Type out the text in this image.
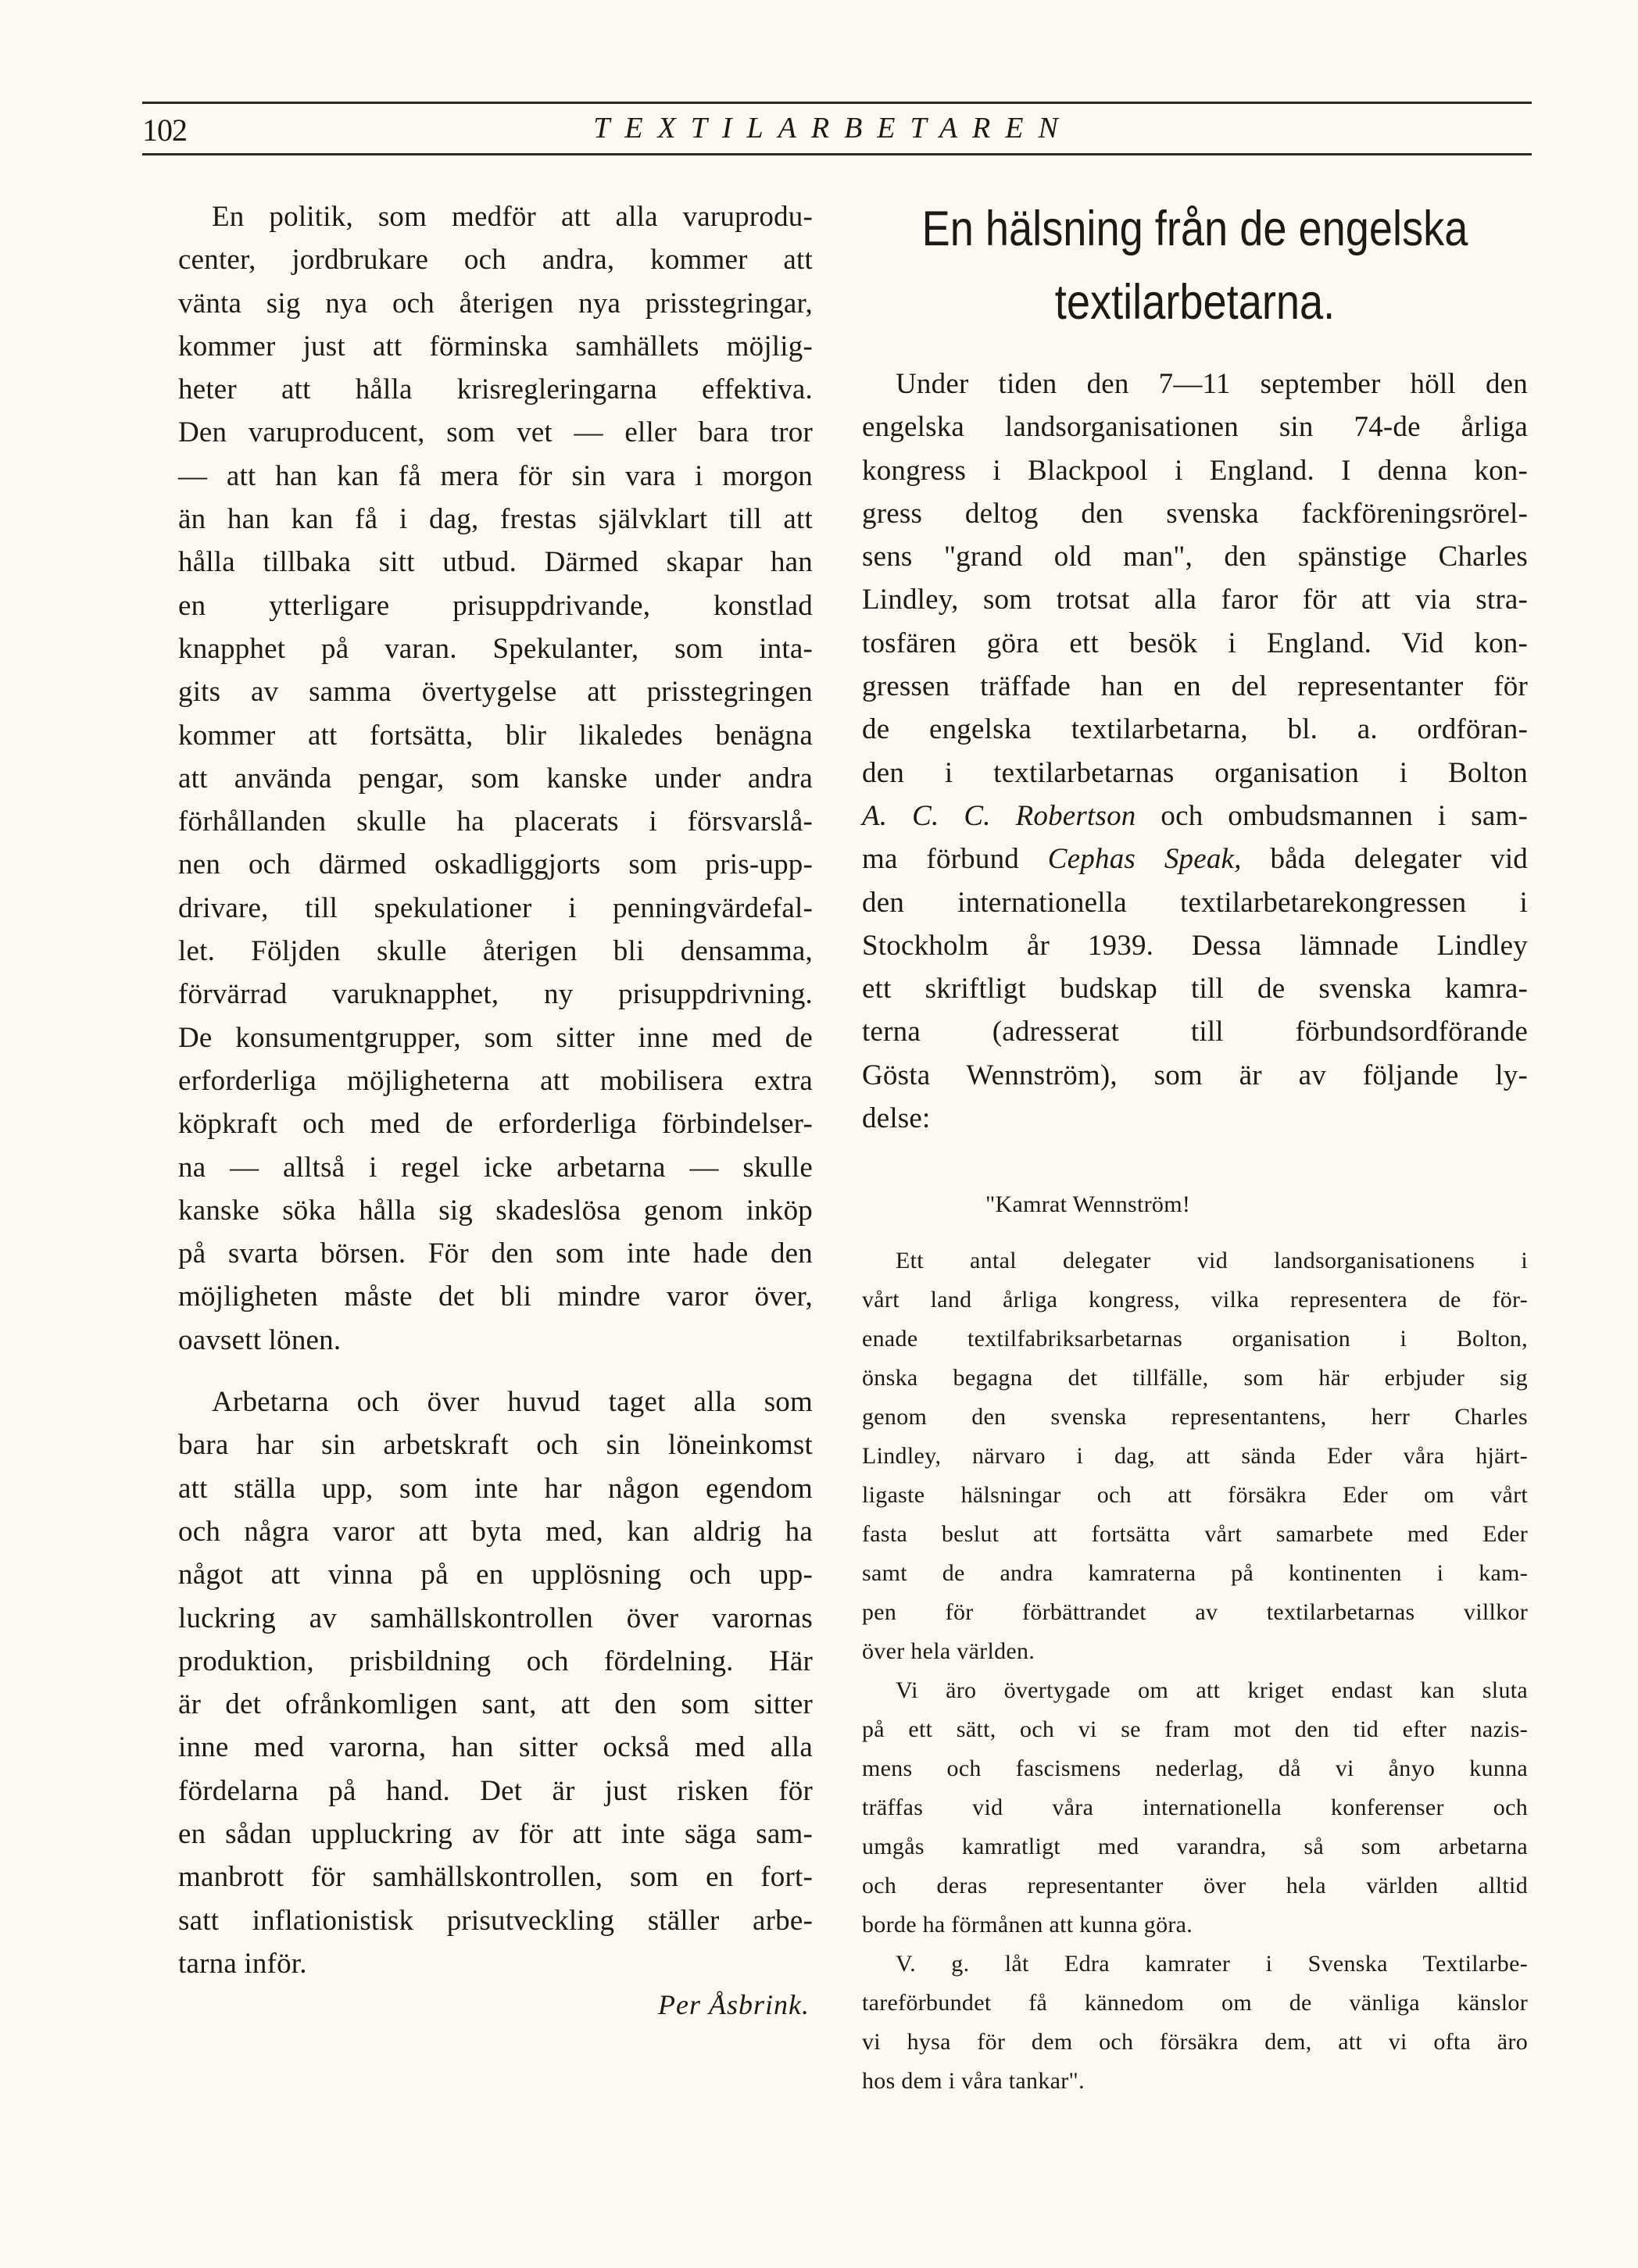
102	TEXTILARBETAREN
En politik, som medför att alla varuprodu-
center, jordbrukare och andra, kommer att
vänta sig nya och återigen nya prisstegringar,
kommer just att förminska samhällets möjlig-
heter att hålla krisregleringarna effektiva.
Den varuproducent, som vet — eller bara tror
— att han kan få mera för sin vara i morgon
än han kan få i dag, frestas självklart till att
hålla tillbaka sitt utbud. Därmed skapar han
en ytterligare prisuppdrivande, konstlad
knapphet på varan. Spekulanter, som inta-
gits av samma övertygelse att prisstegringen
kommer att fortsätta, blir likaledes benägna
att använda pengar, som kanske under andra
förhållanden skulle ha placerats i försvarslå-
nen och därmed oskadliggjorts som pris-upp-
drivare, till spekulationer i penningvärdefal-
let. Följden skulle återigen bli densamma,
förvärrad varuknapphet, ny prisuppdrivning.
De konsumentgrupper, som sitter inne med de
erforderliga möjligheterna att mobilisera extra
köpkraft och med de erforderliga förbindelser-
na — alltså i regel icke arbetarna — skulle
kanske söka hålla sig skadeslösa genom inköp
på svarta börsen. För den som inte hade den
möjligheten måste det bli mindre varor över,
oavsett lönen.
Arbetarna och över huvud taget alla som
bara har sin arbetskraft och sin löneinkomst
att ställa upp, som inte har någon egendom
och några varor att byta med, kan aldrig ha
något att vinna på en upplösning och upp-
luckring av samhällskontrollen över varornas
produktion, prisbildning och fördelning. Här
är det ofrånkomligen sant, att den som sitter
inne med varorna, han sitter också med alla
fördelarna på hand. Det är just risken för
en sådan uppluckring av för att inte säga sam-
manbrott för samhällskontrollen, som en fort-
satt inflationistisk prisutveckling ställer arbe-
tarna inför.
Per Åsbrink.
En hälsning från de engelska
textilarbetarna.
Under tiden den 7—11 september höll den
engelska landsorganisationen sin 74-de årliga
kongress i Blackpool i England. I denna kon-
gress deltog den svenska fackföreningsrörel-
sens "grand old man", den spänstige Charles
Lindley, som trotsat alla faror för att via stra-
tosfären göra ett besök i England. Vid kon-
gressen träffade han en del representanter för
de engelska textilarbetarna, bl. a. ordföran-
den i textilarbetarnas organisation i Bolton
A. C. C. Robertson och ombudsmannen i sam-
ma förbund Cephas Speak, båda delegater vid
den internationella textilarbetarekongressen i
Stockholm år 1939. Dessa lämnade Lindley
ett skriftligt budskap till de svenska kamra-
terna (adresserat till förbundsordförande
Gösta Wennström), som är av följande ly-
delse:
"Kamrat Wennström!
Ett antal delegater vid landsorganisationens i
vårt land årliga kongress, vilka representera de för-
enade textilfabriksarbetarnas organisation i Bolton,
önska begagna det tillfälle, som här erbjuder sig
genom den svenska representantens, herr Charles
Lindley, närvaro i dag, att sända Eder våra hjärt-
ligaste hälsningar och att försäkra Eder om vårt
fasta beslut att fortsätta vårt samarbete med Eder
samt de andra kamraterna på kontinenten i kam-
pen för förbättrandet av textilarbetarnas villkor
över hela världen.
Vi äro övertygade om att kriget endast kan sluta
på ett sätt, och vi se fram mot den tid efter nazis-
mens och fascismens nederlag, då vi ånyo kunna
träffas vid våra internationella konferenser och
umgås kamratligt med varandra, så som arbetarna
och deras representanter över hela världen alltid
borde ha förmånen att kunna göra.
V. g. låt Edra kamrater i Svenska Textilarbe-
tareförbundet få kännedom om de vänliga känslor
vi hysa för dem och försäkra dem, att vi ofta äro
hos dem i våra tankar".
